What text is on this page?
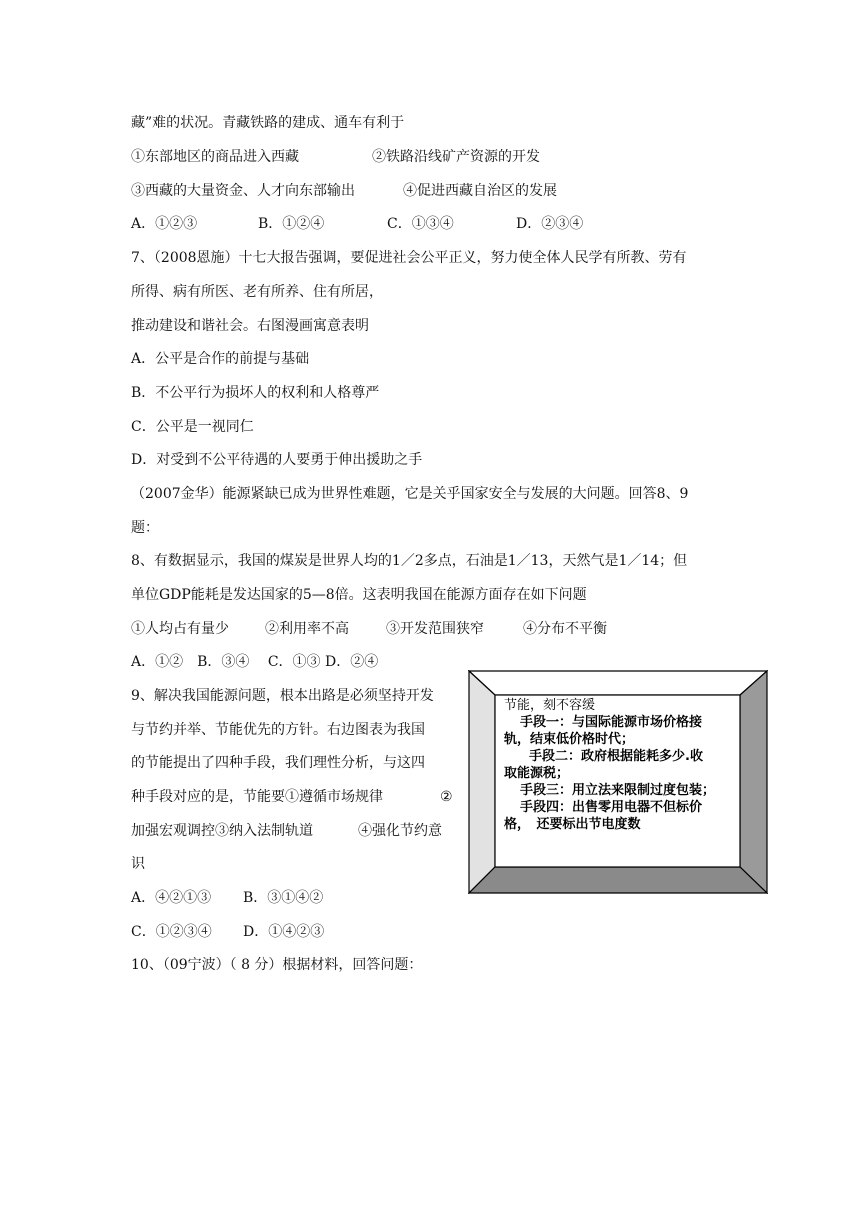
藏”难的状况。青藏铁路的建成、通车有利于
①东部地区的商品进入西藏	②铁路沿线矿产资源的开发
③西藏的大量资金、人才向东部输出	④促进西藏自治区的发展
A．①②③	B．①②④	C．①③④	D．②③④
7、（2008恩施）十七大报告强调，要促进社会公平正义，努力使全体人民学有所教、劳有
所得、病有所医、老有所养、住有所居，
推动建设和谐社会。右图漫画寓意表明
A．公平是合作的前提与基础
B．不公平行为损坏人的权利和人格尊严
C．公平是一视同仁
D．对受到不公平待遇的人要勇于伸出援助之手
（2007金华）能源紧缺已成为世界性难题，它是关乎国家安全与发展的大问题。回答8、9
题：
8、有数据显示，我国的煤炭是世界人均的1／2多点，石油是1／13，天然气是1／14；但
单位GDP能耗是发达国家的5—8倍。这表明我国在能源方面存在如下问题
①人均占有量少	②利用率不高	③开发范围狭窄	④分布不平衡
A．①②　B．③④　 C．①③ D．②④
9、解决我国能源问题，根本出路是必须坚持开发
与节约并举、节能优先的方针。右边图表为我国
的节能提出了四种手段，我们理性分析，与这四
种手段对应的是，节能要①遵循市场规律	②
加强宏观调控③纳入法制轨道	④强化节约意
识
A．④②①③ B．③①④②
C．①②③④ D．①④②③
10、（09宁波）（ 8 分）根据材料，回答问题：
节能，刻不容缓
手段一：与国际能源市场价格接
轨，结束低价格时代；
手段二：政府根据能耗多少.收
取能源税；
手段三：用立法来限制过度包装；
手段四：出售零用电器不但标价
格，　还要标出节电度数
